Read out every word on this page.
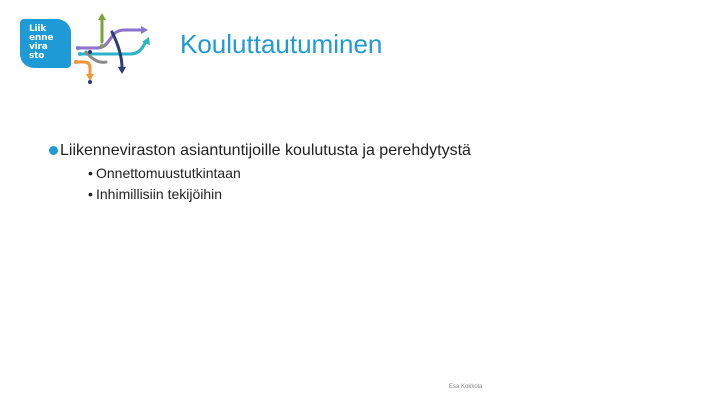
Liik
enne
vira
sto	Kouluttautuminen
Liikenneviraston asiantuntijoille koulutusta ja perehdytystä
• Onnettomuustutkintaan
• Inhimillisiin tekijöihin
Esa Kokkola
